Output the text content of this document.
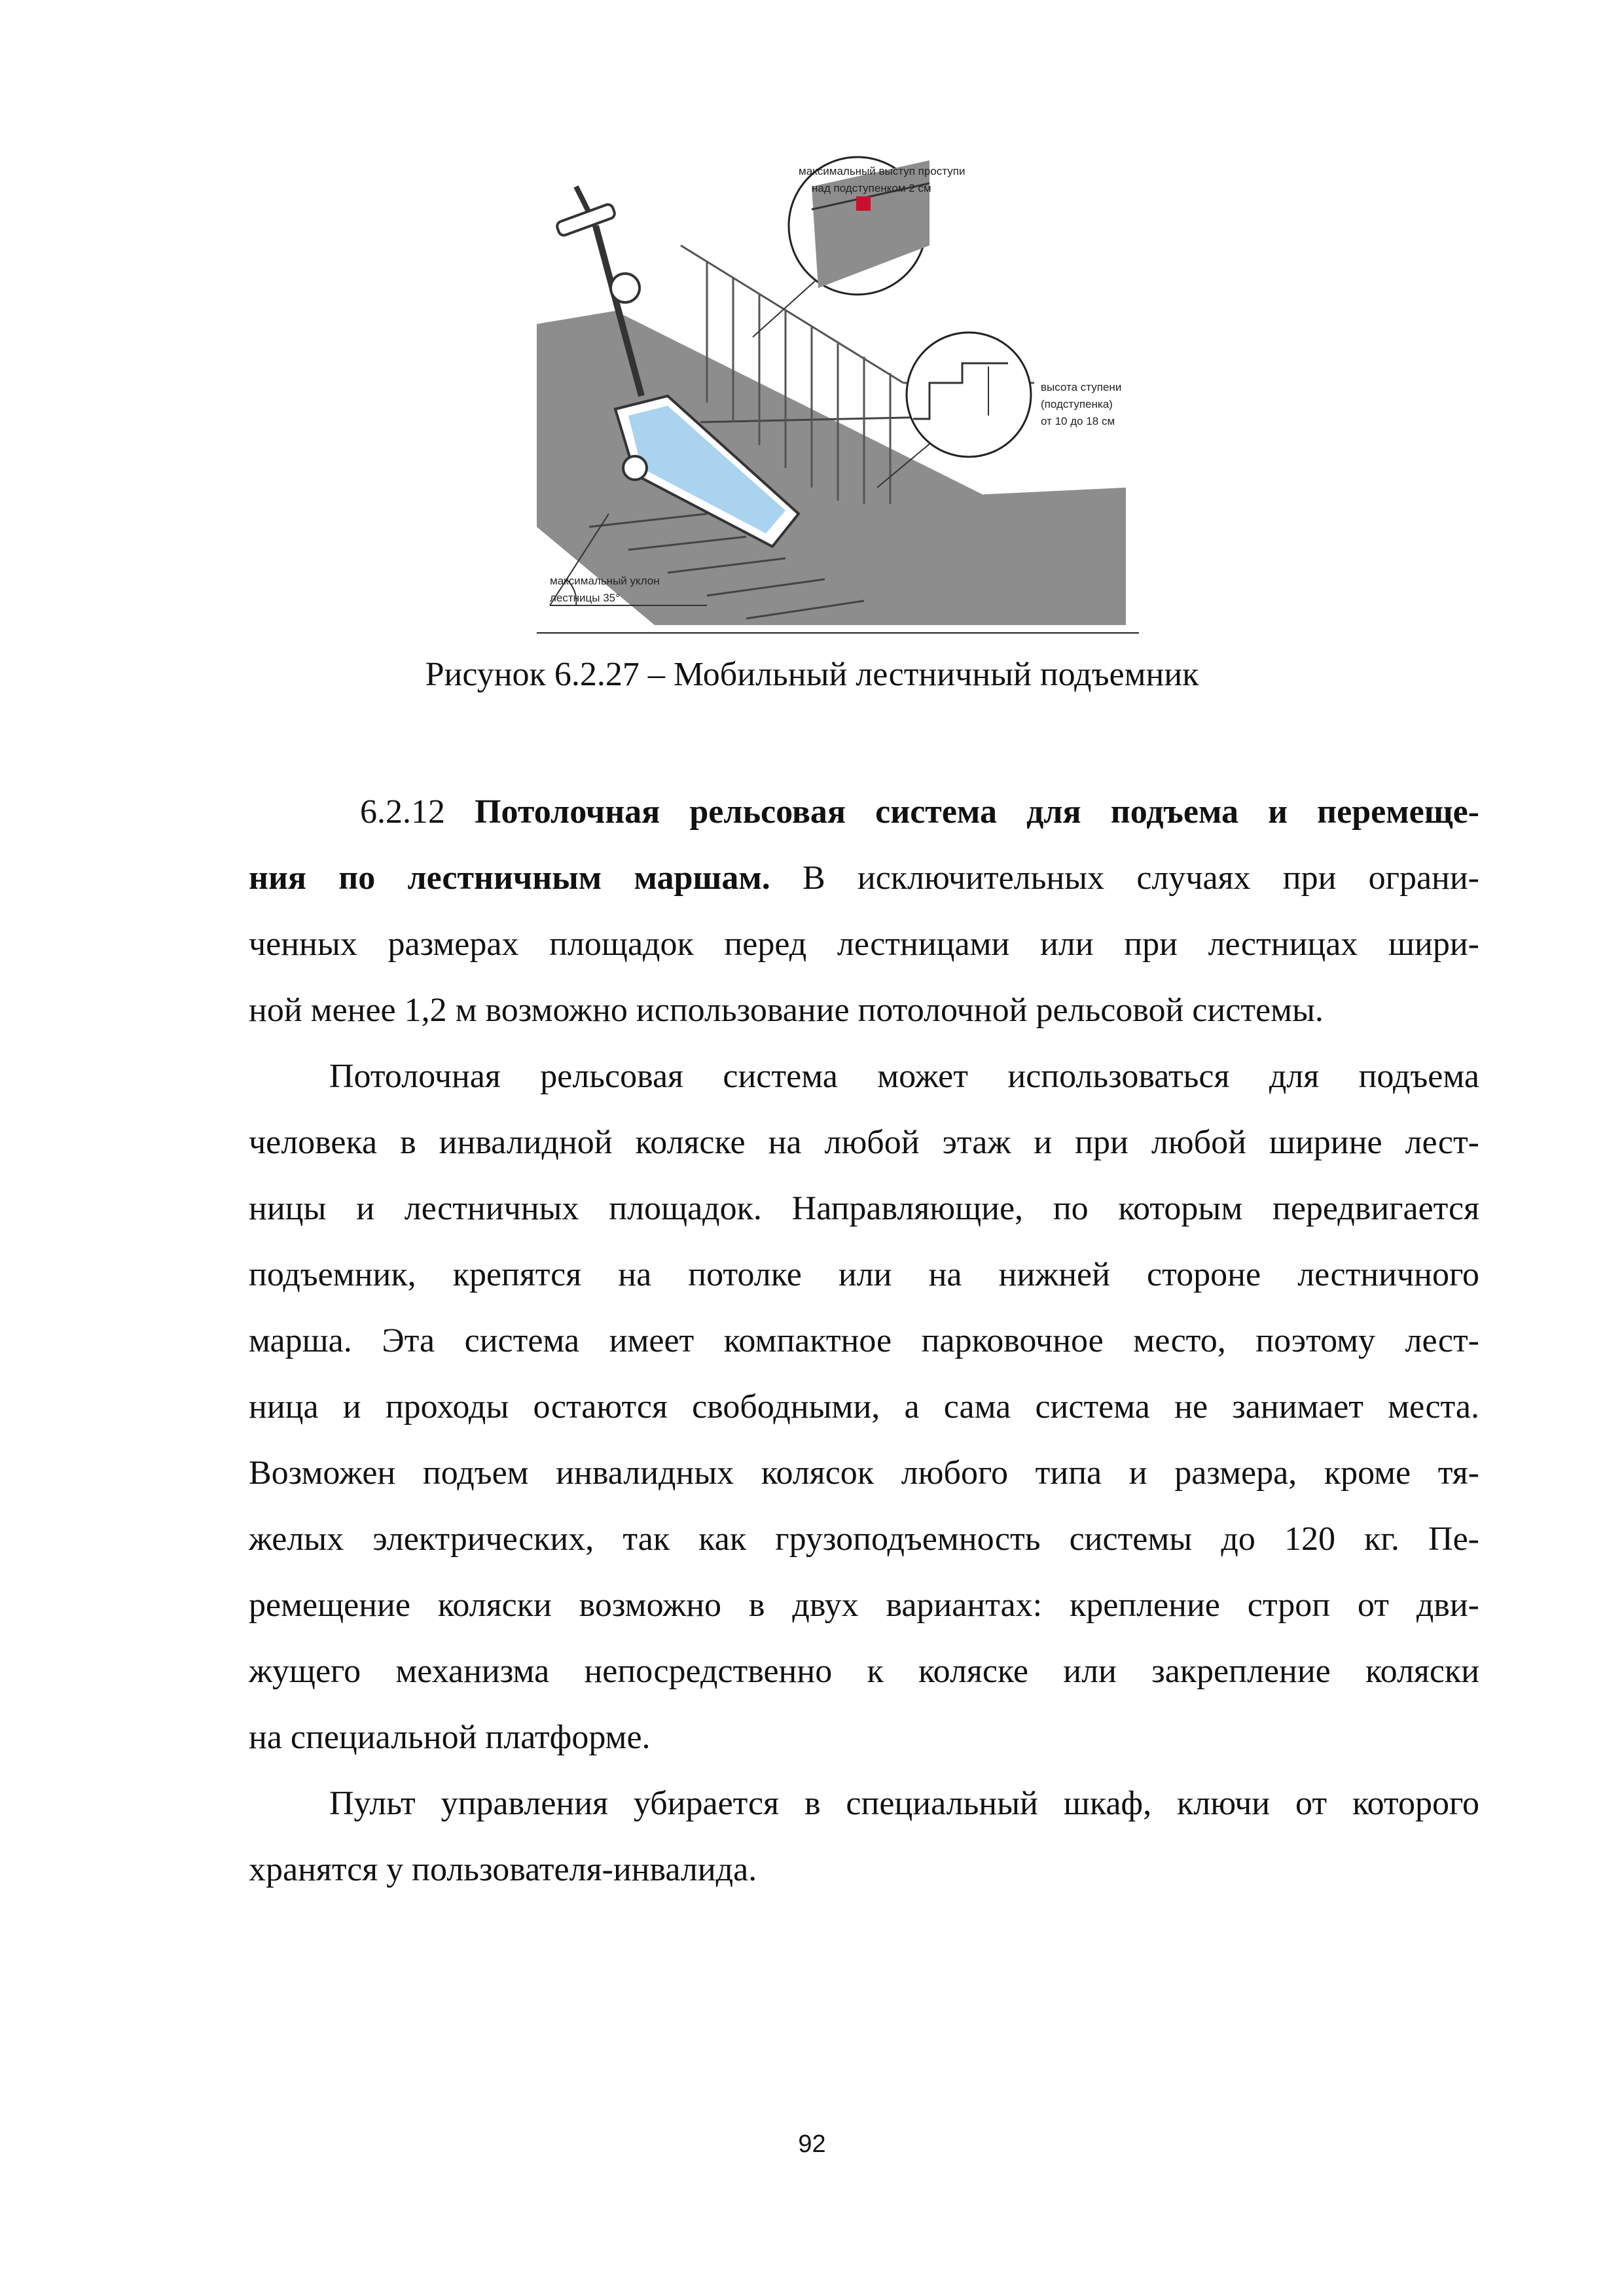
максимальный выступ проступи
над подступенком 2 см
высота ступени
(подступенка)
от 10 до 18 см
максимальный уклон
лестницы 35°
Рисунок 6.2.27 – Мобильный лестничный подъемник
6.2.12 Потолочная рельсовая система для подъема и перемеще-
ния по лестничным маршам. В исключительных случаях при ограни-
ченных размерах площадок перед лестницами или при лестницах шири-
ной менее 1,2 м возможно использование потолочной рельсовой системы.
Потолочная рельсовая система может использоваться для подъема
человека в инвалидной коляске на любой этаж и при любой ширине лест-
ницы и лестничных площадок. Направляющие, по которым передвигается
подъемник, крепятся на потолке или на нижней стороне лестничного
марша. Эта система имеет компактное парковочное место, поэтому лест-
ница и проходы остаются свободными, а сама система не занимает места.
Возможен подъем инвалидных колясок любого типа и размера, кроме тя-
желых электрических, так как грузоподъемность системы до 120 кг. Пе-
ремещение коляски возможно в двух вариантах: крепление строп от дви-
жущего механизма непосредственно к коляске или закрепление коляски
на специальной платформе.
Пульт управления убирается в специальный шкаф, ключи от которого
хранятся у пользователя-инвалида.
92
